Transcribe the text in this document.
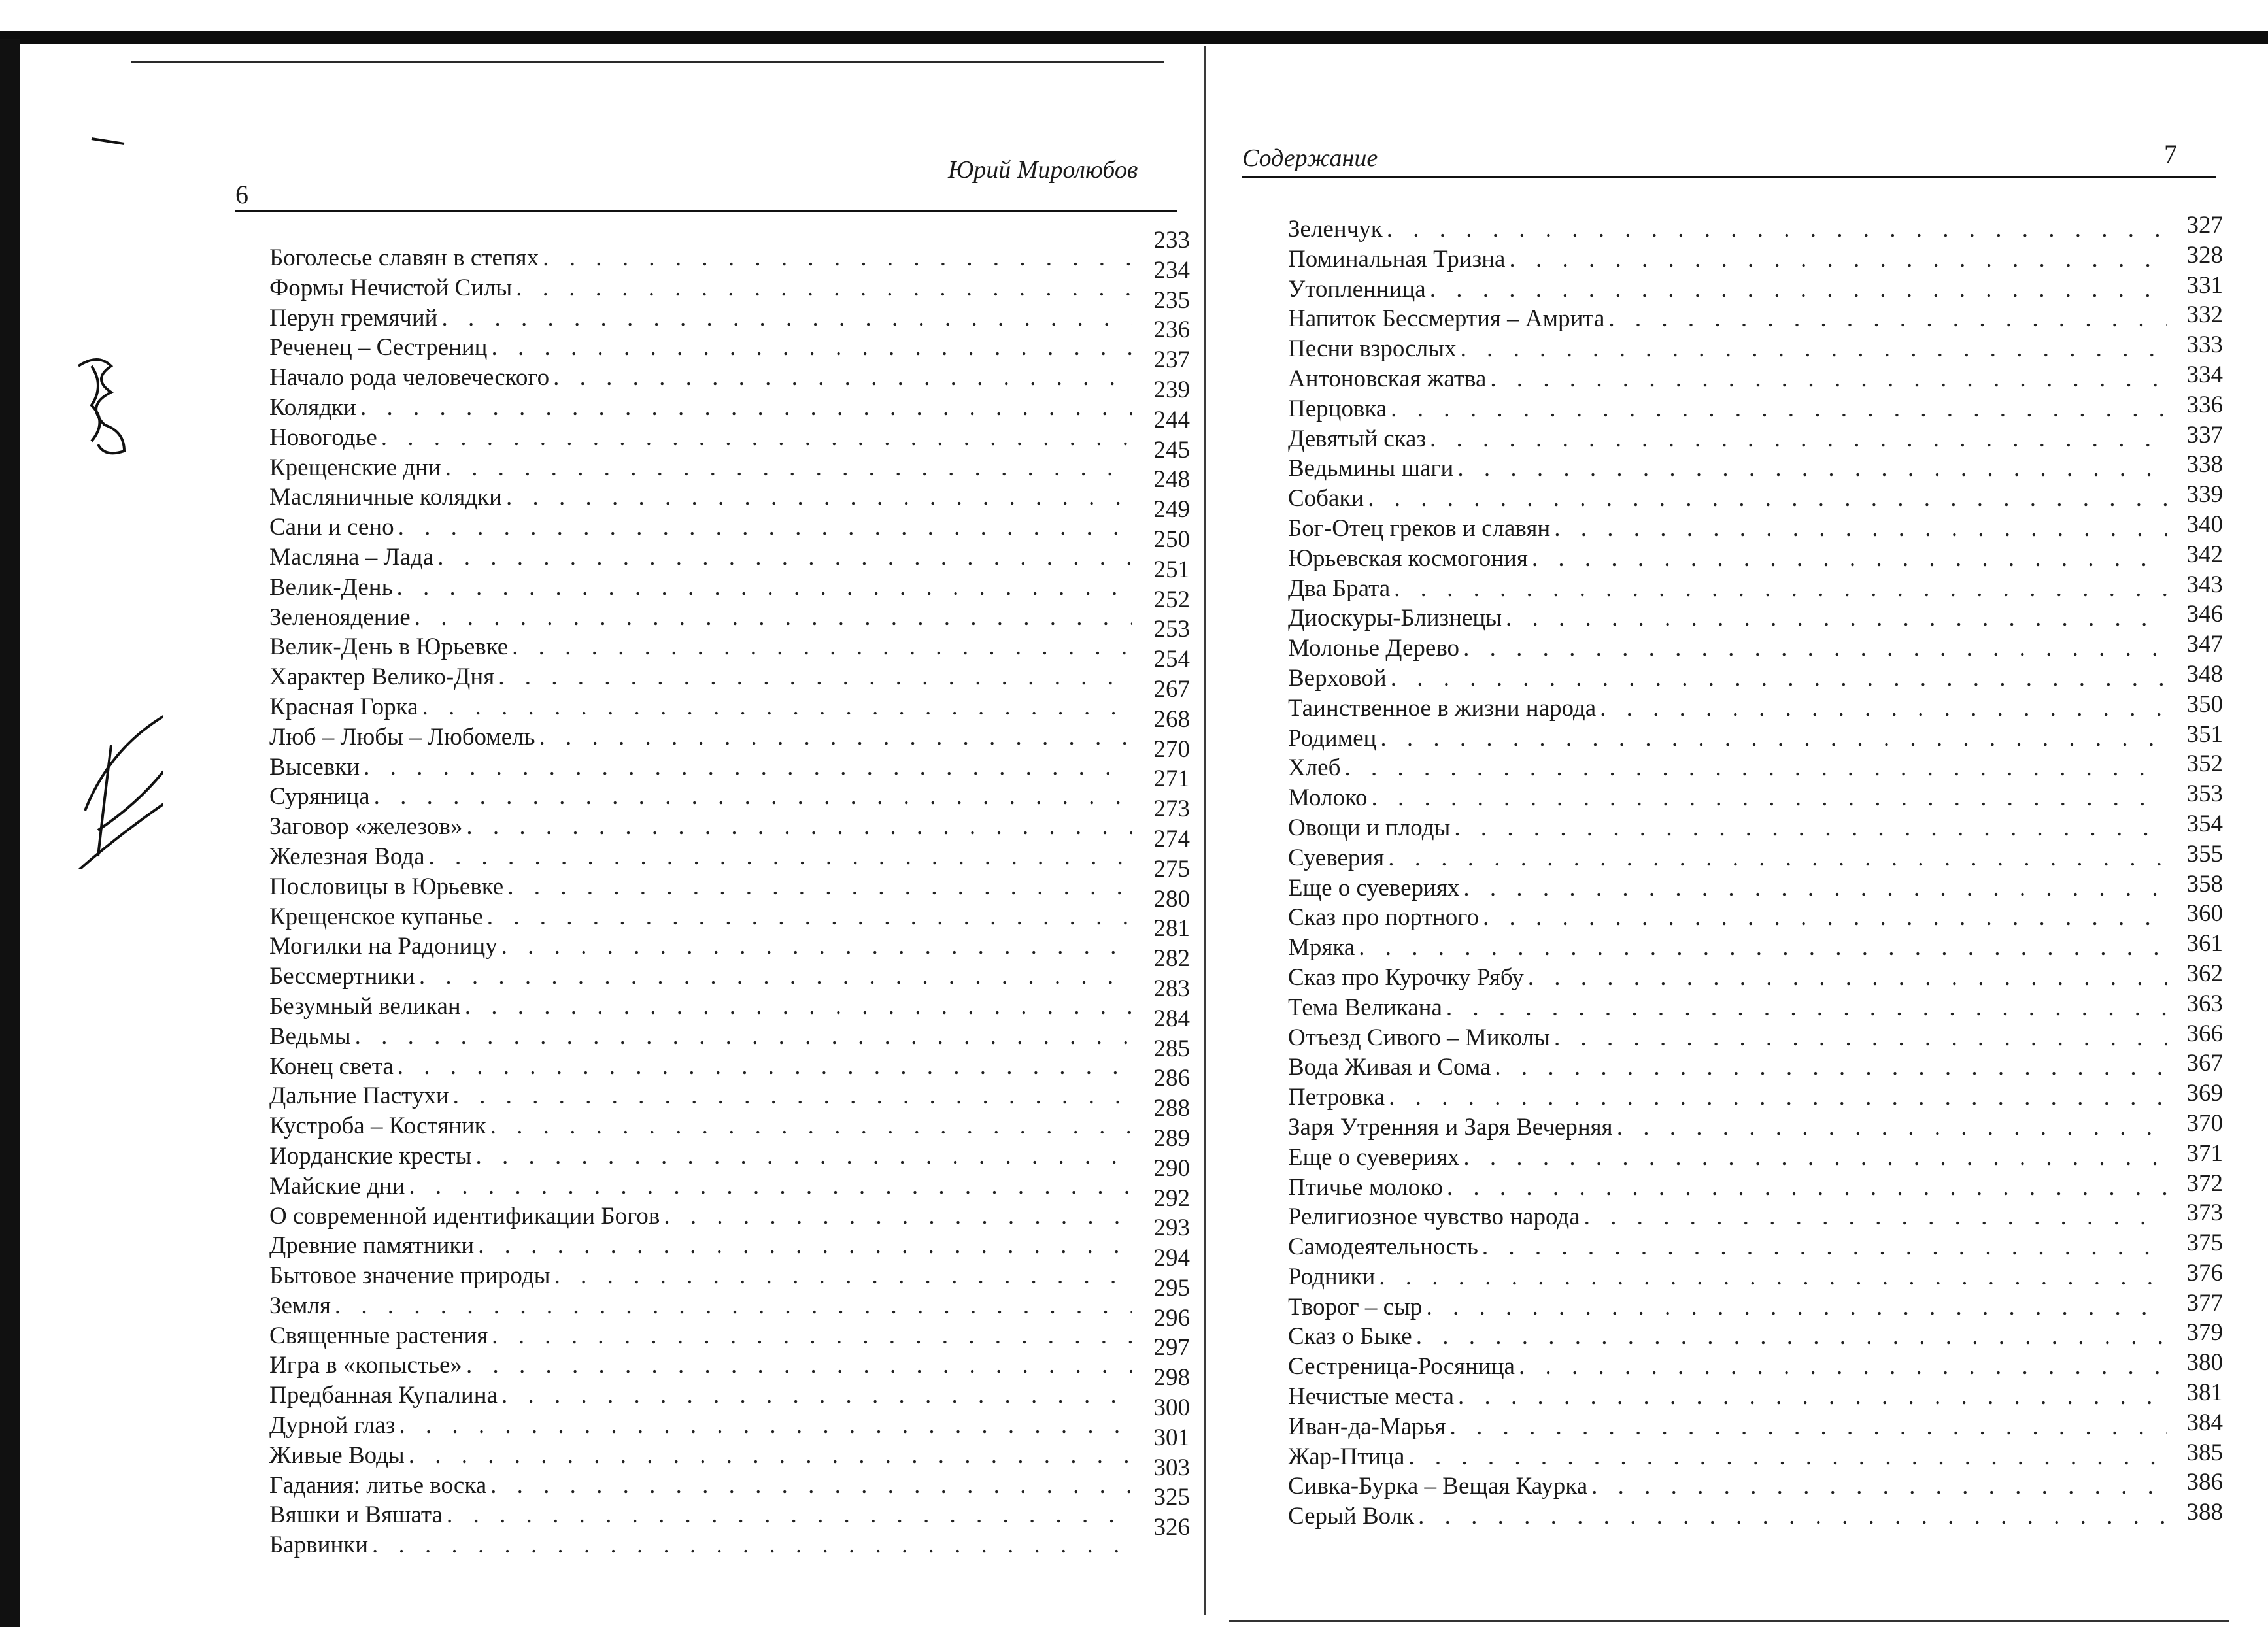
6
Юрий Миролюбов
Боголесье славян в степях
. . .
Формы Нечистой Силы
. . .
Перун гремячий
. . .
Реченец – Сестрениц
. . .
Начало рода человеческого
. . .
Колядки
. . .
Новогодье
. . .
Крещенские дни
. . .
Масляничные колядки
. . .
Сани и сено
. . .
Масляна – Лада
. . .
Велик-День
. . .
Зеленоядение
. . .
Велик-День в Юрьевке
. . .
Характер Велико-Дня
. . .
Красная Горка
. . .
Люб – Любы – Любомель
. . .
Высевки
. . .
Суряница
. . .
Заговор «железов»
. . .
Железная Вода
. . .
Пословицы в Юрьевке
. . .
Крещенское купанье
. . .
Могилки на Радоницу
. . .
Бессмертники
. . .
Безумный великан
. . .
Ведьмы
. . .
Конец света
. . .
Дальние Пастухи
. . .
Кустроба – Костяник
. . .
Иорданские кресты
. . .
Майские дни
. . .
О современной идентификации Богов
. . .
Древние памятники
. . .
Бытовое значение природы
. . .
Земля
. . .
Священные растения
. . .
Игра в «копыстье»
. . .
Предбанная Купалина
. . .
Дурной глаз
. . .
Живые Воды
. . .
Гадания: литье воска
. . .
Вяшки и Вяшата
. . .
Барвинки
. . .
233
234
235
236
237
239
244
245
248
249
250
251
252
253
254
267
268
270
271
273
274
275
280
281
282
283
284
285
286
288
289
290
292
293
294
295
296
297
298
300
301
303
325
326
Содержание	7
Зеленчук
. . .
Поминальная Тризна
. . .
Утопленница
. . .
Напиток Бессмертия – Амрита
. . .
Песни взрослых
. . .
Антоновская жатва
. . .
Перцовка
. . .
Девятый сказ
. . .
Ведьмины шаги
. . .
Собаки
. . .
Бог-Отец греков и славян
. . .
Юрьевская космогония
. . .
Два Брата
. . .
Диоскуры-Близнецы
. . .
Молонье Дерево
. . .
Верховой
. . .
Таинственное в жизни народа
. . .
Родимец
. . .
Хлеб
. . .
Молоко
. . .
Овощи и плоды
. . .
Суеверия
. . .
Еще о суевериях
. . .
Сказ про портного
. . .
Мряка
. . .
Сказ про Курочку Рябу
. . .
Тема Великана
. . .
Отъезд Сивого – Миколы
. . .
Вода Живая и Сома
. . .
Петровка
. . .
Заря Утренняя и Заря Вечерняя
. . .
Еще о суевериях
. . .
Птичье молоко
. . .
Религиозное чувство народа
. . .
Самодеятельность
. . .
Родники
. . .
Творог – сыр
. . .
Сказ о Быке
. . .
Сестреница-Росяница
. . .
Нечистые места
. . .
Иван-да-Марья
. . .
Жар-Птица
. . .
Сивка-Бурка – Вещая Каурка
. . .
Серый Волк
. . .
327
328
331
332
333
334
336
337
338
339
340
342
343
346
347
348
350
351
352
353
354
355
358
360
361
362
363
366
367
369
370
371
372
373
375
376
377
379
380
381
384
385
386
388
